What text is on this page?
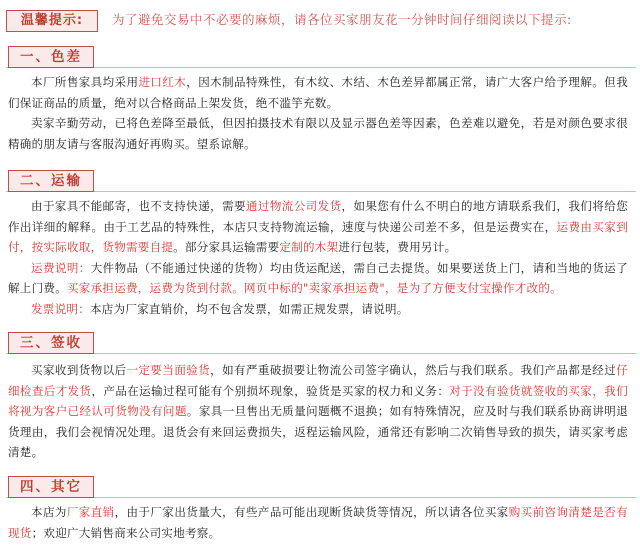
温馨提示:	为了避免交易中不必要的麻烦，请各位买家朋友花一分钟时间仔细阅读以下提示:
一、色差

本厂所售家具均采用进口红木，因木制品特殊性，有木纹、木结、木色差异都属正常，请广大客户给予理解。但我们保证商品的质量，绝对以合格商品上架发货，绝不滥竽充数。

卖家辛勤劳动，已将色差降至最低，但因拍摄技术有限以及显示器色差等因素，色差难以避免，若是对颜色要求很精确的朋友请与客服沟通好再购买。望系谅解。

二、运输

由于家具不能邮寄，也不支持快递，需要通过物流公司发货，如果您有什么不明白的地方请联系我们，我们将给您作出详细的解释。由于工艺品的特殊性，本店只支持物流运输，速度与快递公司差不多，但是运费实在，运费由买家到付，按实际收取，货物需要自提。部分家具运输需要定制的木架进行包装，费用另计。

运费说明：大件物品（不能通过快递的货物）均由货运配送，需自己去提货。如果要送货上门，请和当地的货运了解上门费。买家承担运费，运费为货到付款。网页中标的"卖家承担运费"，是为了方便支付宝操作才改的。

发票说明：本店为厂家直销价，均不包含发票，如需正规发票，请说明。

三、签收

买家收到货物以后一定要当面验货，如有严重破损要让物流公司签字确认，然后与我们联系。我们产品都是经过仔细检查后才发货，产品在运输过程可能有个别损坏现象，验货是买家的权力和义务：对于没有验货就签收的买家，我们将视为客户已经认可货物没有问题。家具一旦售出无质量问题概不退换；如有特殊情况，应及时与我们联系协商讲明退货理由，我们会视情况处理。退货会有来回运费损失，返程运输风险，通常还有影响二次销售导致的损失，请买家考虑清楚。

四、其它

本店为厂家直销，由于厂家出货量大，有些产品可能出现断货缺货等情况，所以请各位买家购买前咨询清楚是否有现货；欢迎广大销售商来公司实地考察。
